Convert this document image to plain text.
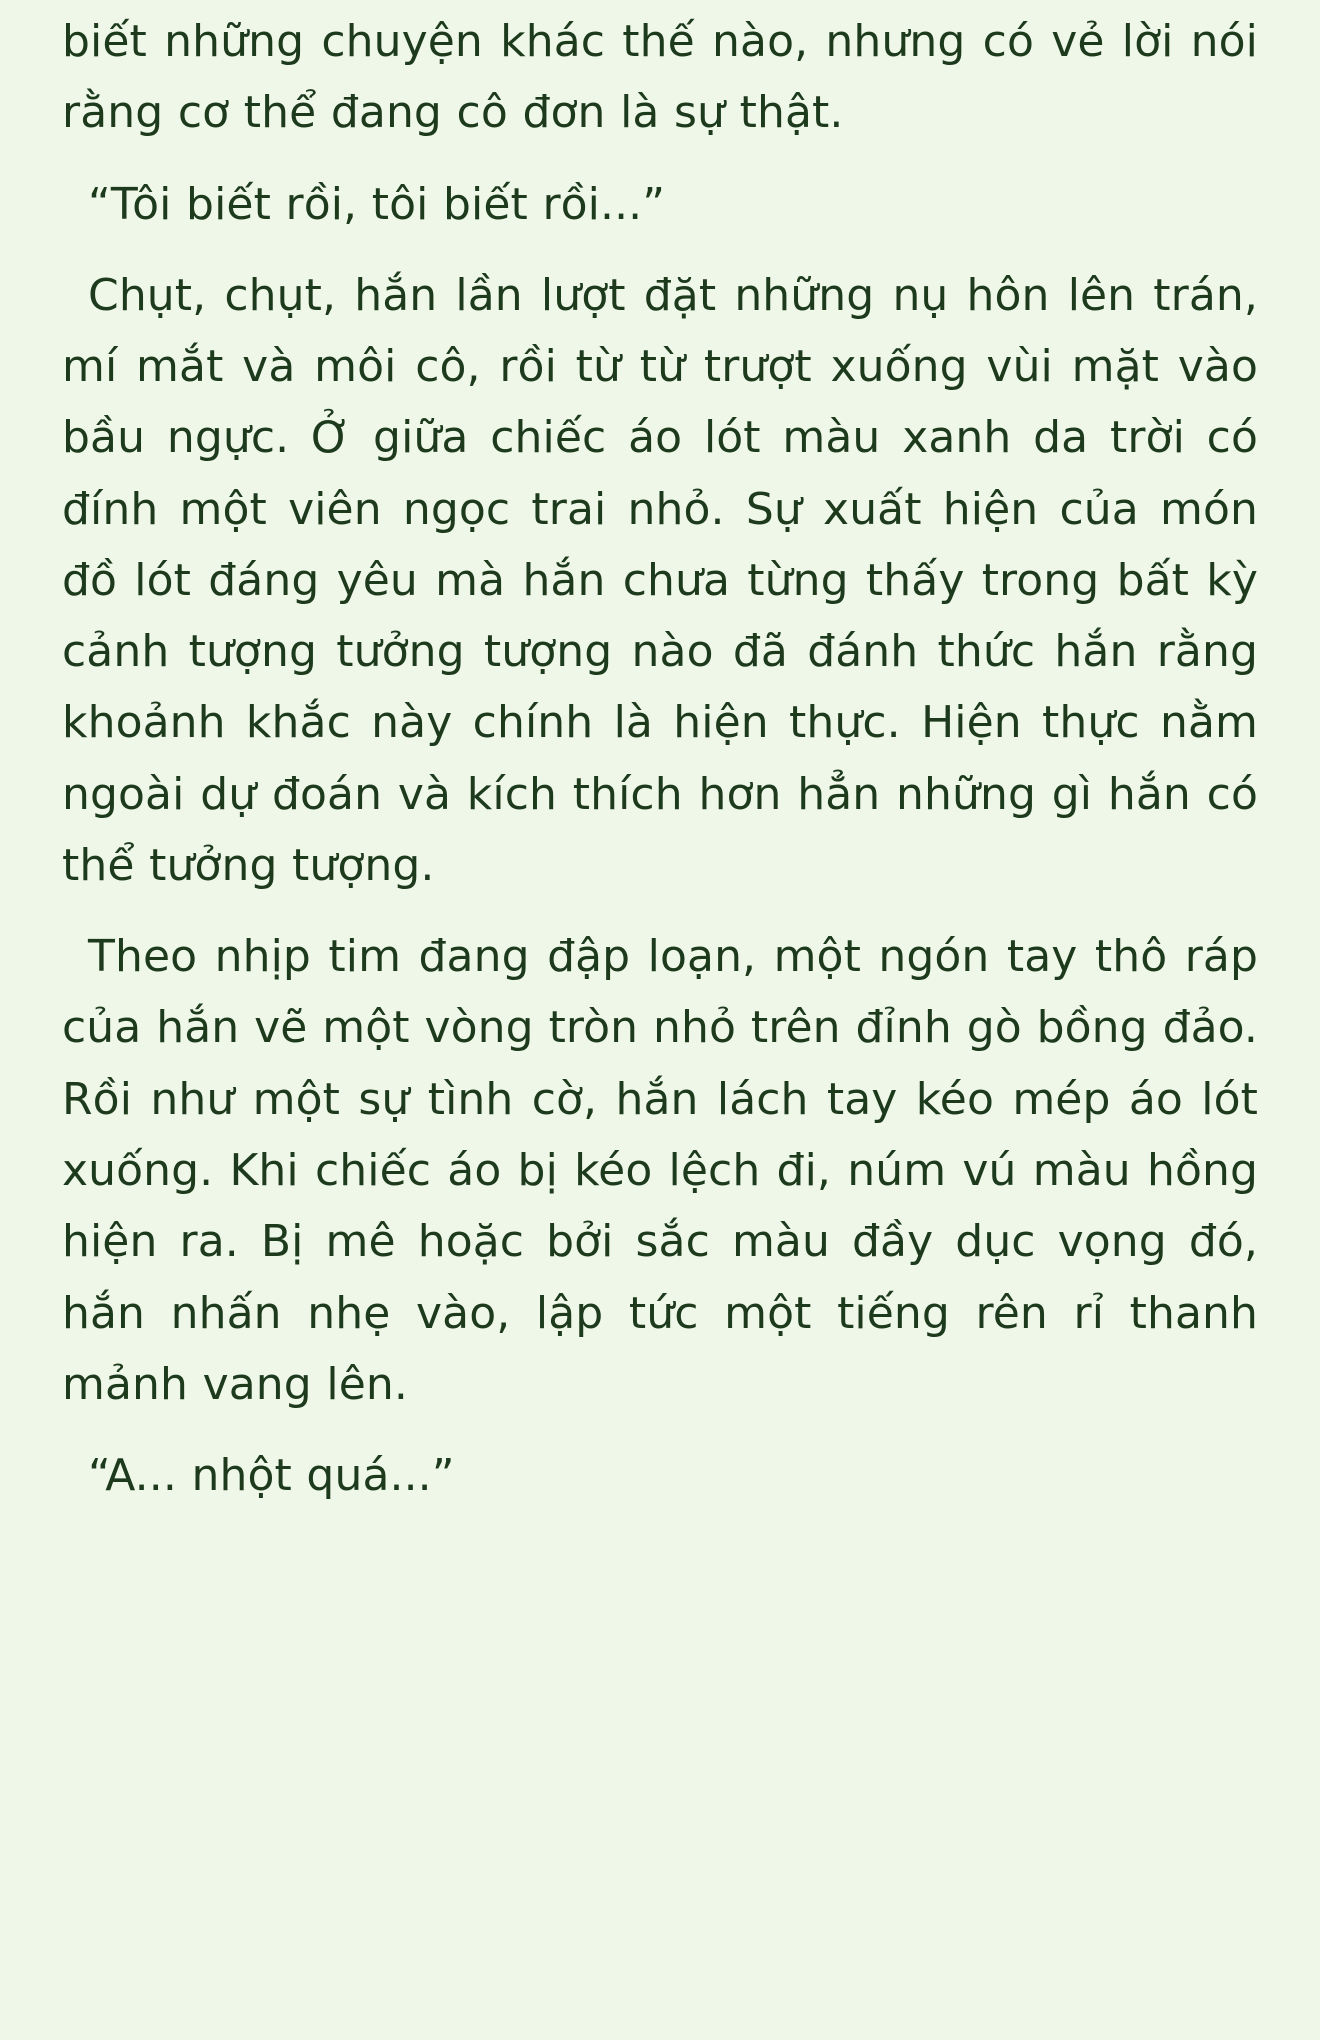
biết những chuyện khác thế nào, nhưng có vẻ lời nói rằng cơ thể đang cô đơn là sự thật.

“Tôi biết rồi, tôi biết rồi...”

Chụt, chụt, hắn lần lượt đặt những nụ hôn lên trán, mí mắt và môi cô, rồi từ từ trượt xuống vùi mặt vào bầu ngực. Ở giữa chiếc áo lót màu xanh da trời có đính một viên ngọc trai nhỏ. Sự xuất hiện của món đồ lót đáng yêu mà hắn chưa từng thấy trong bất kỳ cảnh tượng tưởng tượng nào đã đánh thức hắn rằng khoảnh khắc này chính là hiện thực. Hiện thực nằm ngoài dự đoán và kích thích hơn hẳn những gì hắn có thể tưởng tượng.

Theo nhịp tim đang đập loạn, một ngón tay thô ráp của hắn vẽ một vòng tròn nhỏ trên đỉnh gò bồng đảo. Rồi như một sự tình cờ, hắn lách tay kéo mép áo lót xuống. Khi chiếc áo bị kéo lệch đi, núm vú màu hồng hiện ra. Bị mê hoặc bởi sắc màu đầy dục vọng đó, hắn nhấn nhẹ vào, lập tức một tiếng rên rỉ thanh mảnh vang lên.

“A... nhột quá...”
